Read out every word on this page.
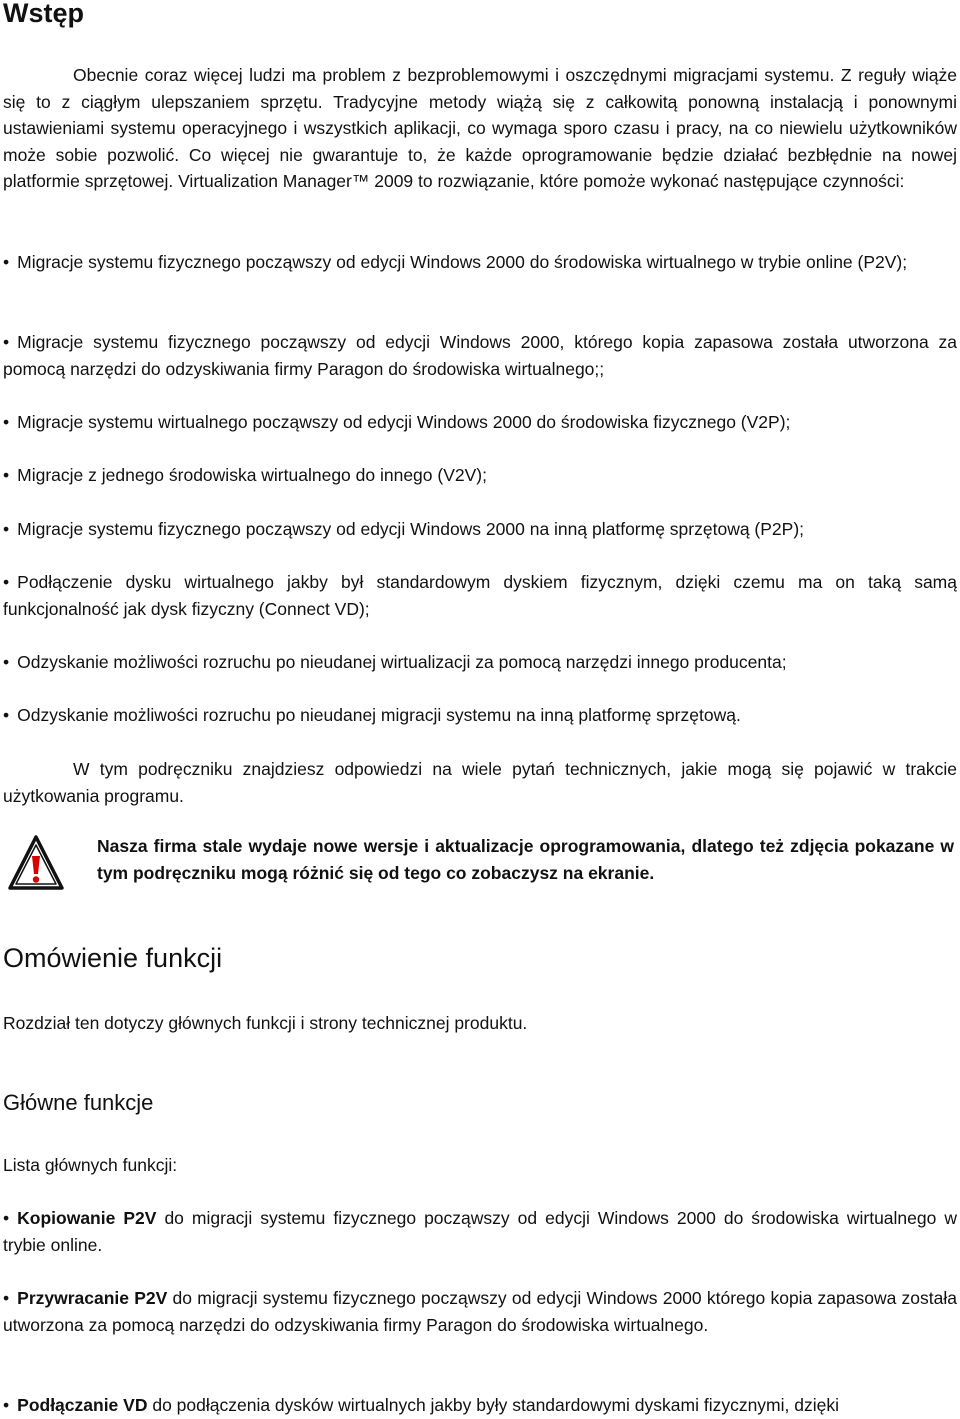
Wstęp

Obecnie coraz więcej ludzi ma problem z bezproblemowymi i oszczędnymi migracjami systemu. Z reguły wiąże się to z ciągłym ulepszaniem sprzętu. Tradycyjne metody wiążą się z całkowitą ponowną instalacją i ponownymi ustawieniami systemu operacyjnego i wszystkich aplikacji, co wymaga sporo czasu i pracy, na co niewielu użytkowników może sobie pozwolić. Co więcej nie gwarantuje to, że każde oprogramowanie będzie działać bezbłędnie na nowej platformie sprzętowej. Virtualization Manager™ 2009 to rozwiązanie, które pomoże wykonać następujące czynności:

• Migracje systemu fizycznego począwszy od edycji Windows 2000 do środowiska wirtualnego w trybie online (P2V);

• Migracje systemu fizycznego począwszy od edycji Windows 2000, którego kopia zapasowa została utworzona za pomocą narzędzi do odzyskiwania firmy Paragon do środowiska wirtualnego;;

• Migracje systemu wirtualnego począwszy od edycji Windows 2000 do środowiska fizycznego (V2P);

• Migracje z jednego środowiska wirtualnego do innego (V2V);

• Migracje systemu fizycznego począwszy od edycji Windows 2000 na inną platformę sprzętową (P2P);

• Podłączenie dysku wirtualnego jakby był standardowym dyskiem fizycznym, dzięki czemu ma on taką samą funkcjonalność jak dysk fizyczny (Connect VD);

• Odzyskanie możliwości rozruchu po nieudanej wirtualizacji za pomocą narzędzi innego producenta;

• Odzyskanie możliwości rozruchu po nieudanej migracji systemu na inną platformę sprzętową.

W tym podręczniku znajdziesz odpowiedzi na wiele pytań technicznych, jakie mogą się pojawić w trakcie użytkowania programu.

Nasza firma stale wydaje nowe wersje i aktualizacje oprogramowania, dlatego też zdjęcia pokazane w tym podręczniku mogą różnić się od tego co zobaczysz na ekranie.
Omówienie funkcji

Rozdział ten dotyczy głównych funkcji i strony technicznej produktu.

Główne funkcje

Lista głównych funkcji:

• Kopiowanie P2V do migracji systemu fizycznego począwszy od edycji Windows 2000 do środowiska wirtualnego w trybie online.

• Przywracanie P2V do migracji systemu fizycznego począwszy od edycji Windows 2000 którego kopia zapasowa została utworzona za pomocą narzędzi do odzyskiwania firmy Paragon do środowiska wirtualnego.

• Podłączanie VD do podłączenia dysków wirtualnych jakby były standardowymi dyskami fizycznymi, dzięki
